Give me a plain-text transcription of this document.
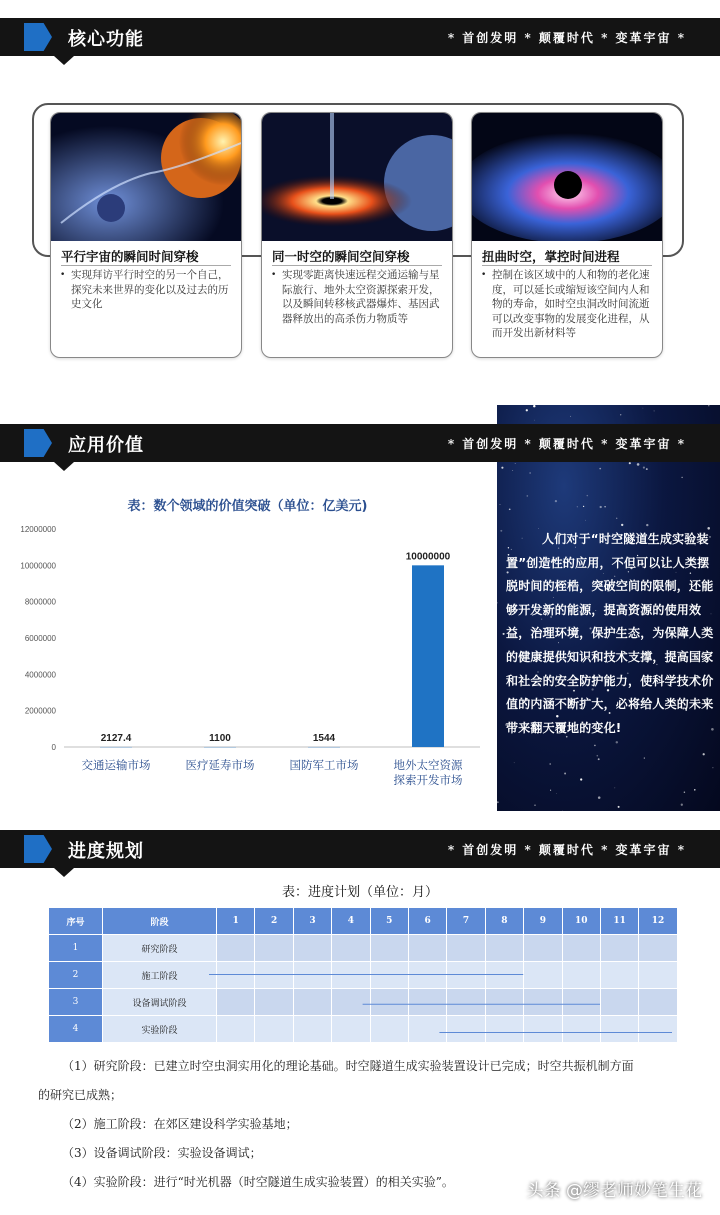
核心功能	* 首创发明 * 颠覆时代 * 变革宇宙 *
平行宇宙的瞬间时间穿梭
• 实现拜访平行时空的另一个自己，探究未来世界的变化以及过去的历史文化
同一时空的瞬间空间穿梭
• 实现零距离快速远程交通运输与星际旅行、地外太空资源探索开发，以及瞬间转移核武器爆炸、基因武器释放出的高杀伤力物质等
扭曲时空，掌控时间进程
• 控制在该区域中的人和物的老化速度，可以延长或缩短该空间内人和物的寿命，如时空虫洞改时间流逝可以改变事物的发展变化进程，从而开发出新材料等
应用价值	* 首创发明 * 颠覆时代 * 变革宇宙 *
人们对于“时空隧道生成实验装置”创造性的应用，不但可以让人类摆脱时间的桎梏，突破空间的限制，还能够开发新的能源，提高资源的使用效益，治理环境，保护生态，为保障人类的健康提供知识和技术支撑，提高国家和社会的安全防护能力，使科学技术价值的内涵不断扩大，必将给人类的未来带来翻天覆地的变化!
表：数个领域的价值突破（单位：亿美元)
0
2000000
4000000
6000000
8000000
10000000
12000000
2127.4
交通运输市场
1100
医疗延寿市场
1544
国防军工市场
10000000
地外太空资源
探索开发市场
进度规划	* 首创发明 * 颠覆时代 * 变革宇宙 *
表：进度计划（单位：月）
序号	阶段	1	2	3	4	5	6	7	8	9	10	11	12
1	研究阶段												
2	施工阶段												
3	设备调试阶段												
4	实验阶段												
（1）研究阶段：已建立时空虫洞实用化的理论基础。时空隧道生成实验装置设计已完成；时空共振机制方面
的研究已成熟；
（2）施工阶段：在郊区建设科学实验基地；
（3）设备调试阶段：实验设备调试；
（4）实验阶段：进行“时光机器（时空隧道生成实验装置）的相关实验”。	头条 @缪老师妙笔生花
